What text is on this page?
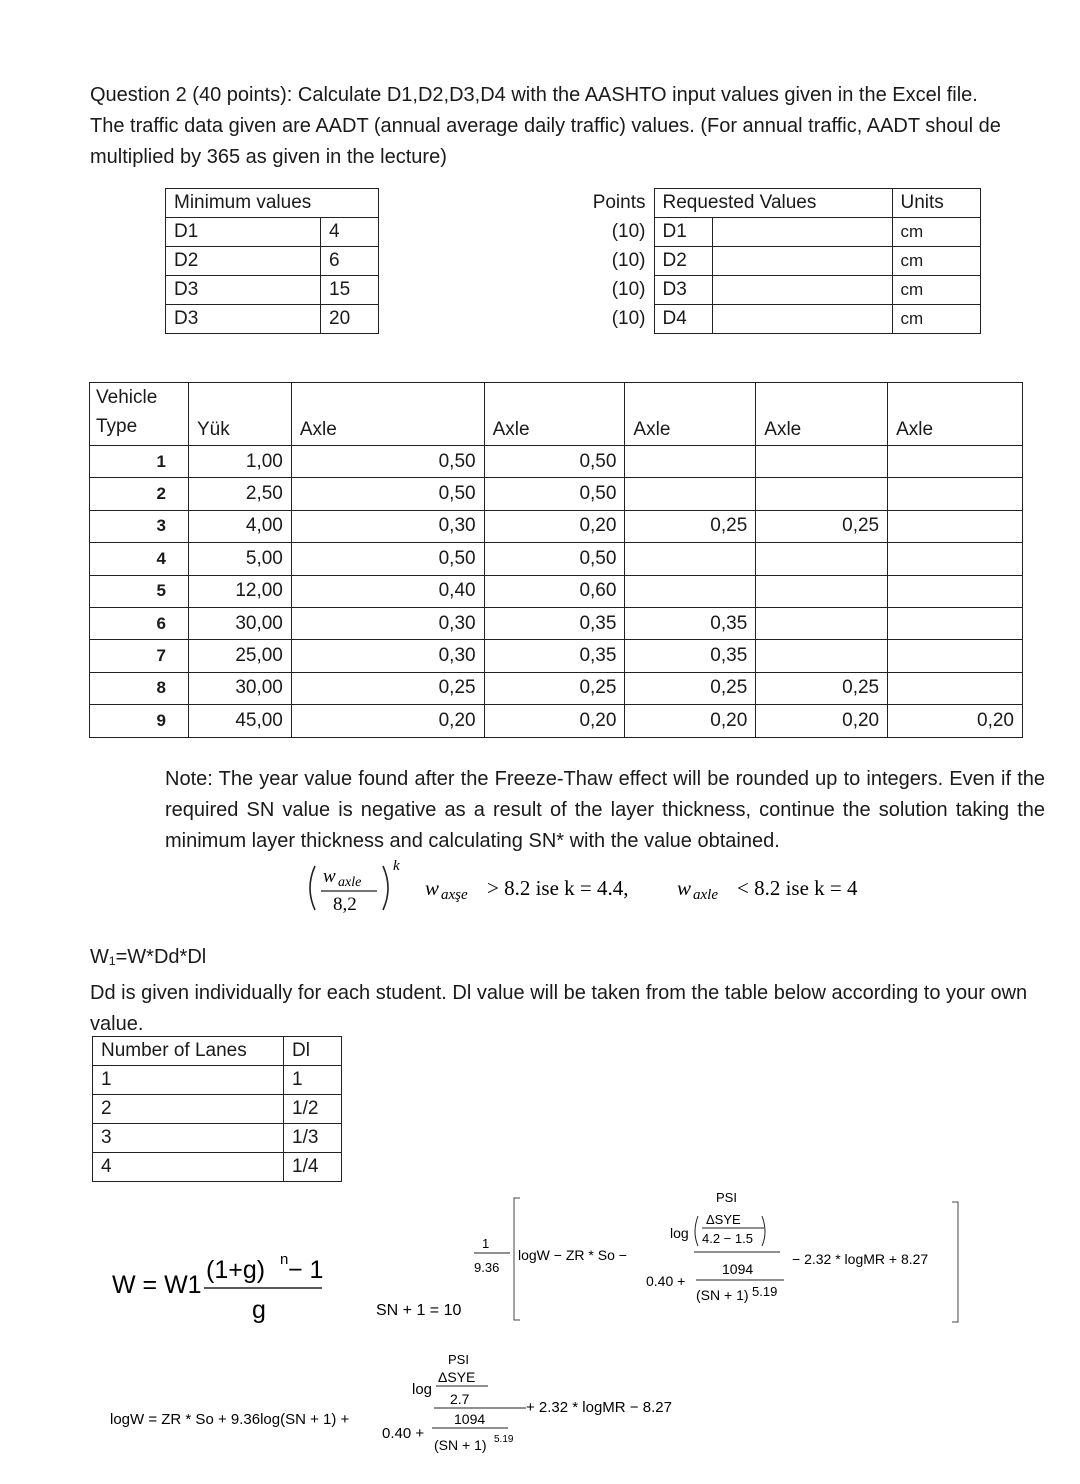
Question 2 (40 points): Calculate D1,D2,D3,D4 with the AASHTO input values given in the Excel file.

The traffic data given are AADT (annual average daily traffic) values. (For annual traffic, AADT shoul de

multiplied by 365 as given in the lecture)

Minimum values	
D1	4
D2	6
D3	15
D3	20
Points	Requested Values		Units
(10)	D1		cm
(10)	D2		cm
(10)	D3		cm
(10)	D4		cm
Vehicle
Type	Yük	Axle	Axle	Axle	Axle	Axle
1	1,00	0,50	0,50			
2	2,50	0,50	0,50			
3	4,00	0,30	0,20	0,25	0,25	
4	5,00	0,50	0,50			
5	12,00	0,40	0,60			
6	30,00	0,30	0,35	0,35		
7	25,00	0,30	0,35	0,35		
8	30,00	0,25	0,25	0,25	0,25	
9	45,00	0,20	0,20	0,20	0,20	0,20
Note: The year value found after the Freeze-Thaw effect will be rounded up to integers. Even if the required SN value is negative as a result of the layer thickness, continue the solution taking the minimum layer thickness and calculating SN* with the value obtained.
w axle
8,2
k
w axşe > 8.2 ise k = 4.4, w axle < 8.2 ise k = 4
W₁=W*Dd*Dl
Dd is given individually for each student. Dl value will be taken from the table below according to your own value.
Number of Lanes	Dl
1	1
2	1/2
3	1/3
4	1/4
W = W1
(1+g) n − 1
g	SN + 1 = 10
1
9.36
logW − ZR * So −
log
PSI
ΔSYE
4.2 − 1.5
0.40 +
1094
(SN + 1) 5.19
− 2.32 * logMR + 8.27
logW = ZR * So + 9.36log(SN + 1) +
log
PSI
ΔSYE
2.7
1094
0.40 +
(SN + 1) 5.19
+ 2.32 * logMR − 8.27
